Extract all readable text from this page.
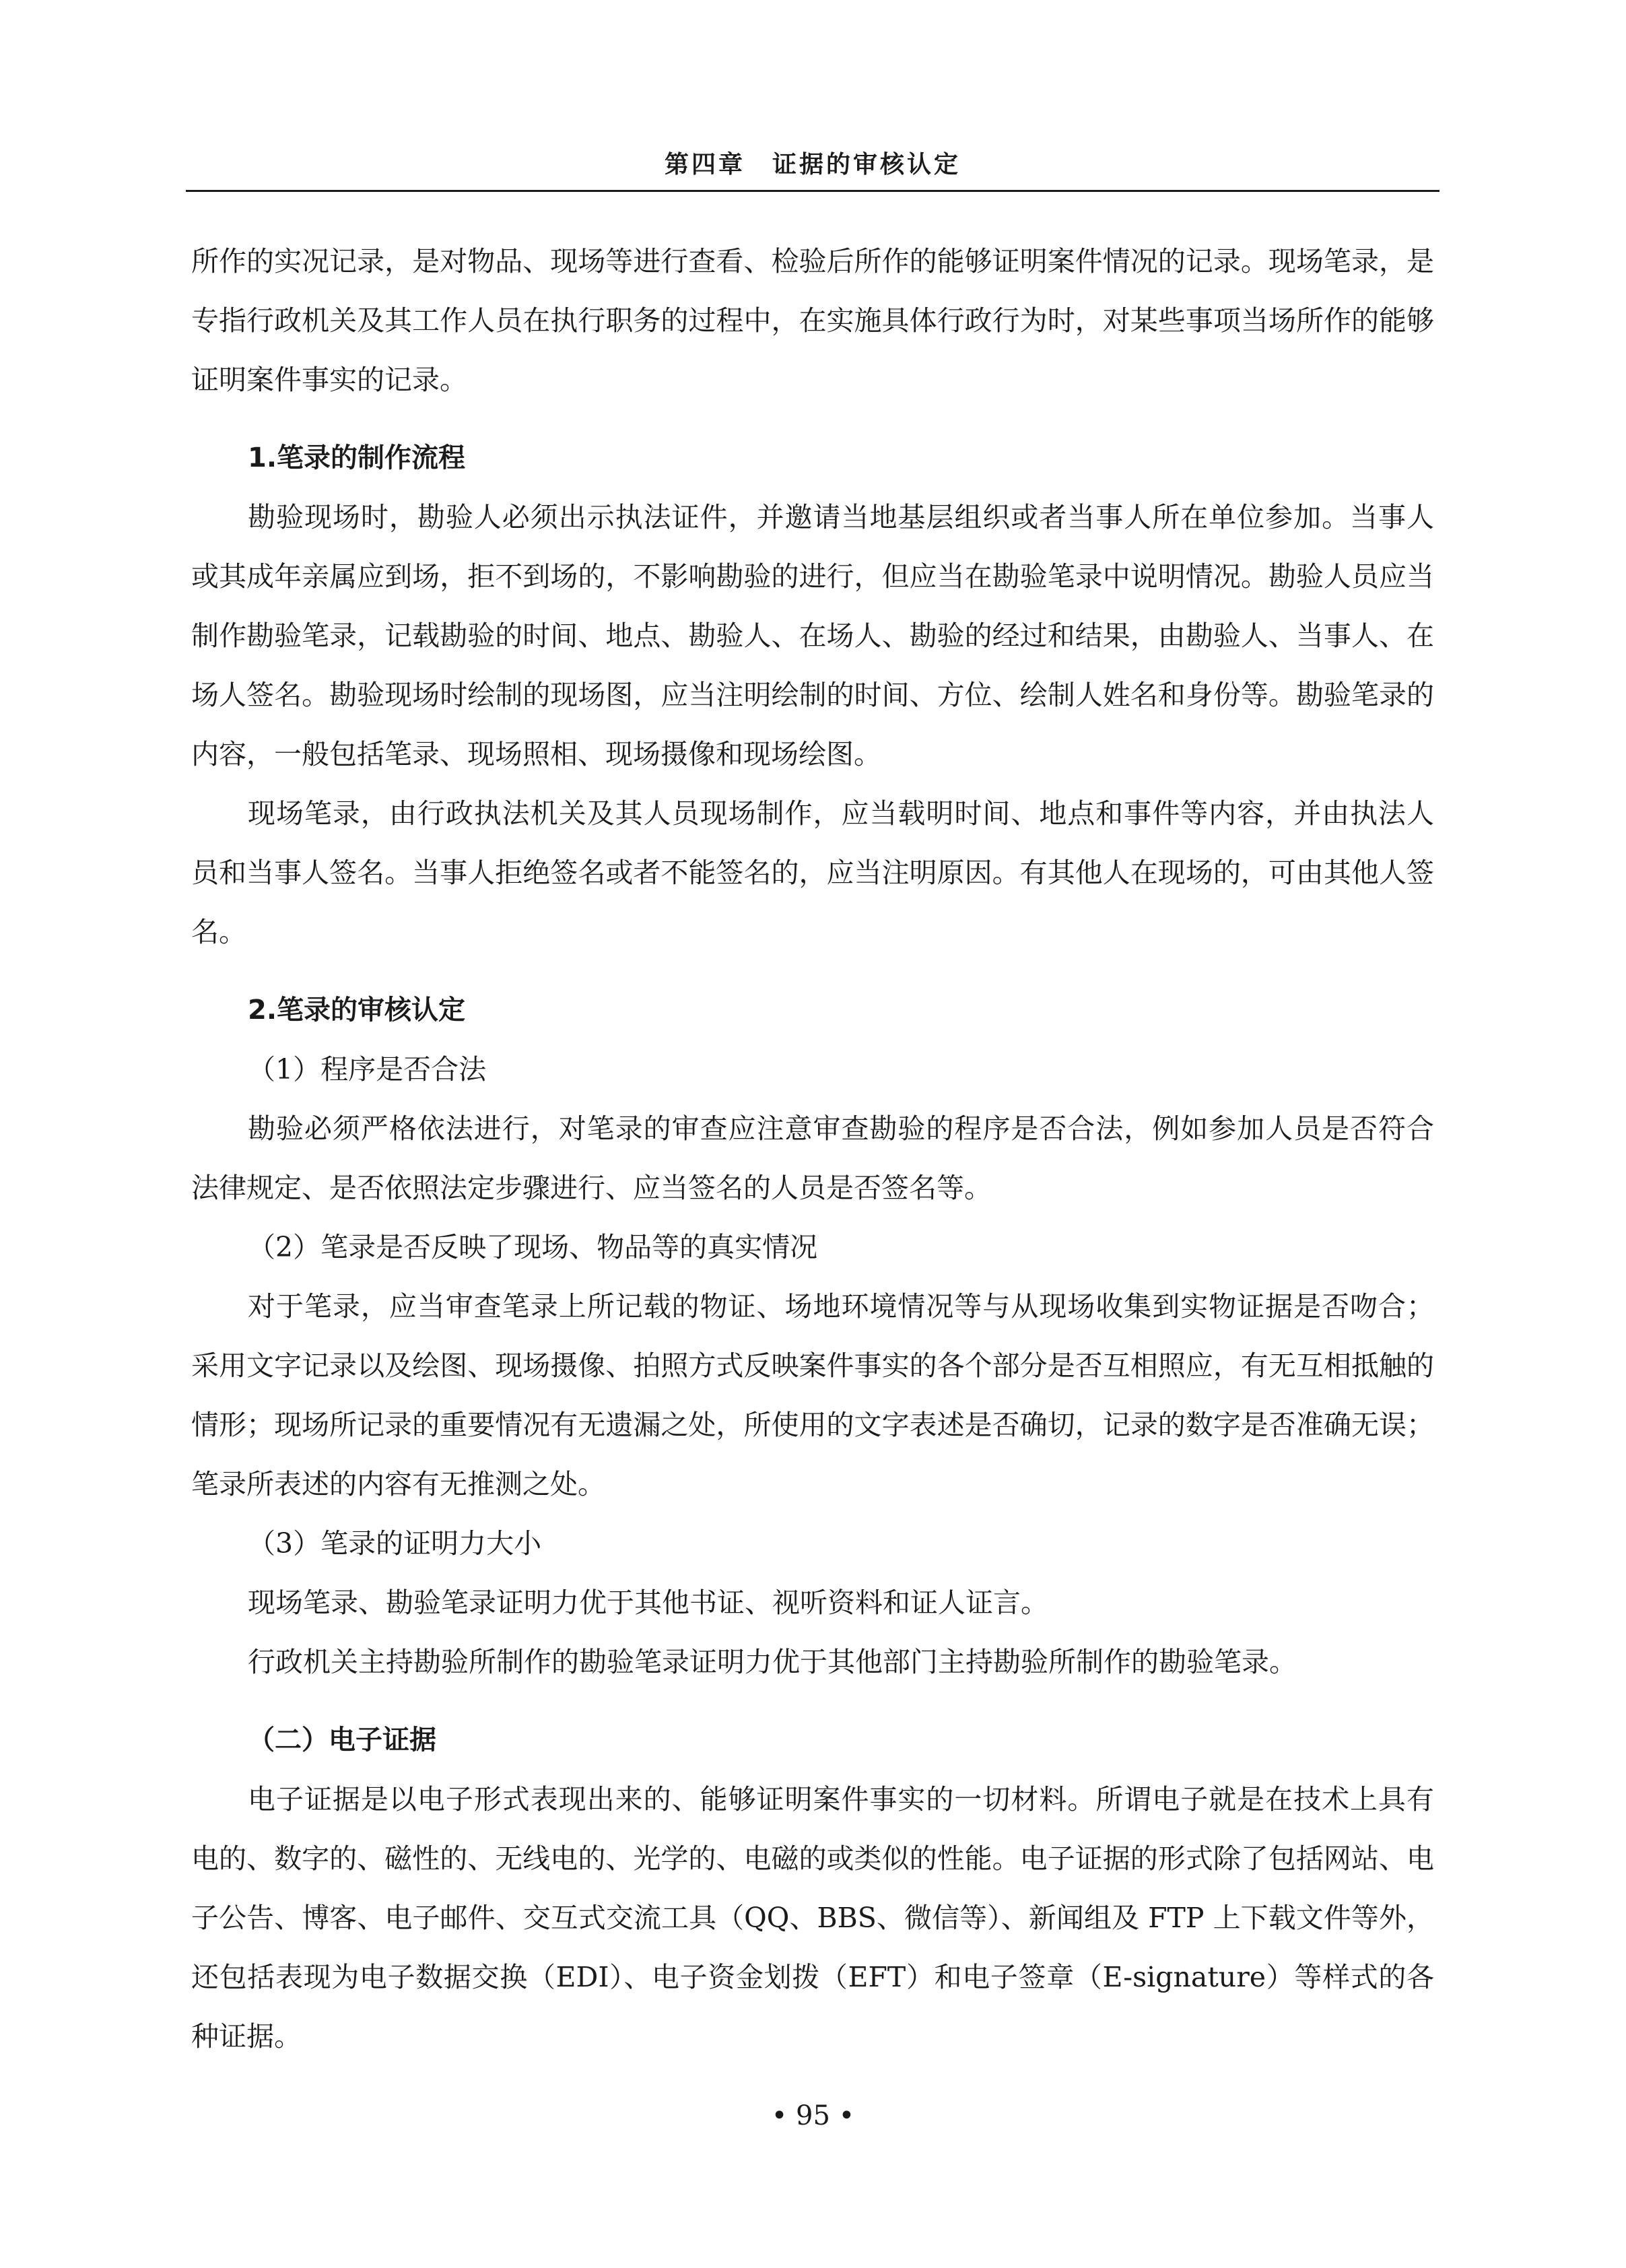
第四章　证据的审核认定

所作的实况记录，是对物品、现场等进行查看、检验后所作的能够证明案件情况的记录。现场笔录，是专指行政机关及其工作人员在执行职务的过程中，在实施具体行政行为时，对某些事项当场所作的能够证明案件事实的记录。

1.笔录的制作流程

勘验现场时，勘验人必须出示执法证件，并邀请当地基层组织或者当事人所在单位参加。当事人或其成年亲属应到场，拒不到场的，不影响勘验的进行，但应当在勘验笔录中说明情况。勘验人员应当制作勘验笔录，记载勘验的时间、地点、勘验人、在场人、勘验的经过和结果，由勘验人、当事人、在场人签名。勘验现场时绘制的现场图，应当注明绘制的时间、方位、绘制人姓名和身份等。勘验笔录的内容，一般包括笔录、现场照相、现场摄像和现场绘图。

现场笔录，由行政执法机关及其人员现场制作，应当载明时间、地点和事件等内容，并由执法人员和当事人签名。当事人拒绝签名或者不能签名的，应当注明原因。有其他人在现场的，可由其他人签名。

2.笔录的审核认定

（1）程序是否合法

勘验必须严格依法进行，对笔录的审查应注意审查勘验的程序是否合法，例如参加人员是否符合法律规定、是否依照法定步骤进行、应当签名的人员是否签名等。

（2）笔录是否反映了现场、物品等的真实情况

对于笔录，应当审查笔录上所记载的物证、场地环境情况等与从现场收集到实物证据是否吻合；采用文字记录以及绘图、现场摄像、拍照方式反映案件事实的各个部分是否互相照应，有无互相抵触的情形；现场所记录的重要情况有无遗漏之处，所使用的文字表述是否确切，记录的数字是否准确无误；笔录所表述的内容有无推测之处。

（3）笔录的证明力大小

现场笔录、勘验笔录证明力优于其他书证、视听资料和证人证言。

行政机关主持勘验所制作的勘验笔录证明力优于其他部门主持勘验所制作的勘验笔录。

（二）电子证据

电子证据是以电子形式表现出来的、能够证明案件事实的一切材料。所谓电子就是在技术上具有电的、数字的、磁性的、无线电的、光学的、电磁的或类似的性能。电子证据的形式除了包括网站、电子公告、博客、电子邮件、交互式交流工具（QQ、BBS、微信等）、新闻组及 FTP 上下载文件等外，还包括表现为电子数据交换（EDI）、电子资金划拨（EFT）和电子签章（E-signature）等样式的各种证据。

• 95 •
